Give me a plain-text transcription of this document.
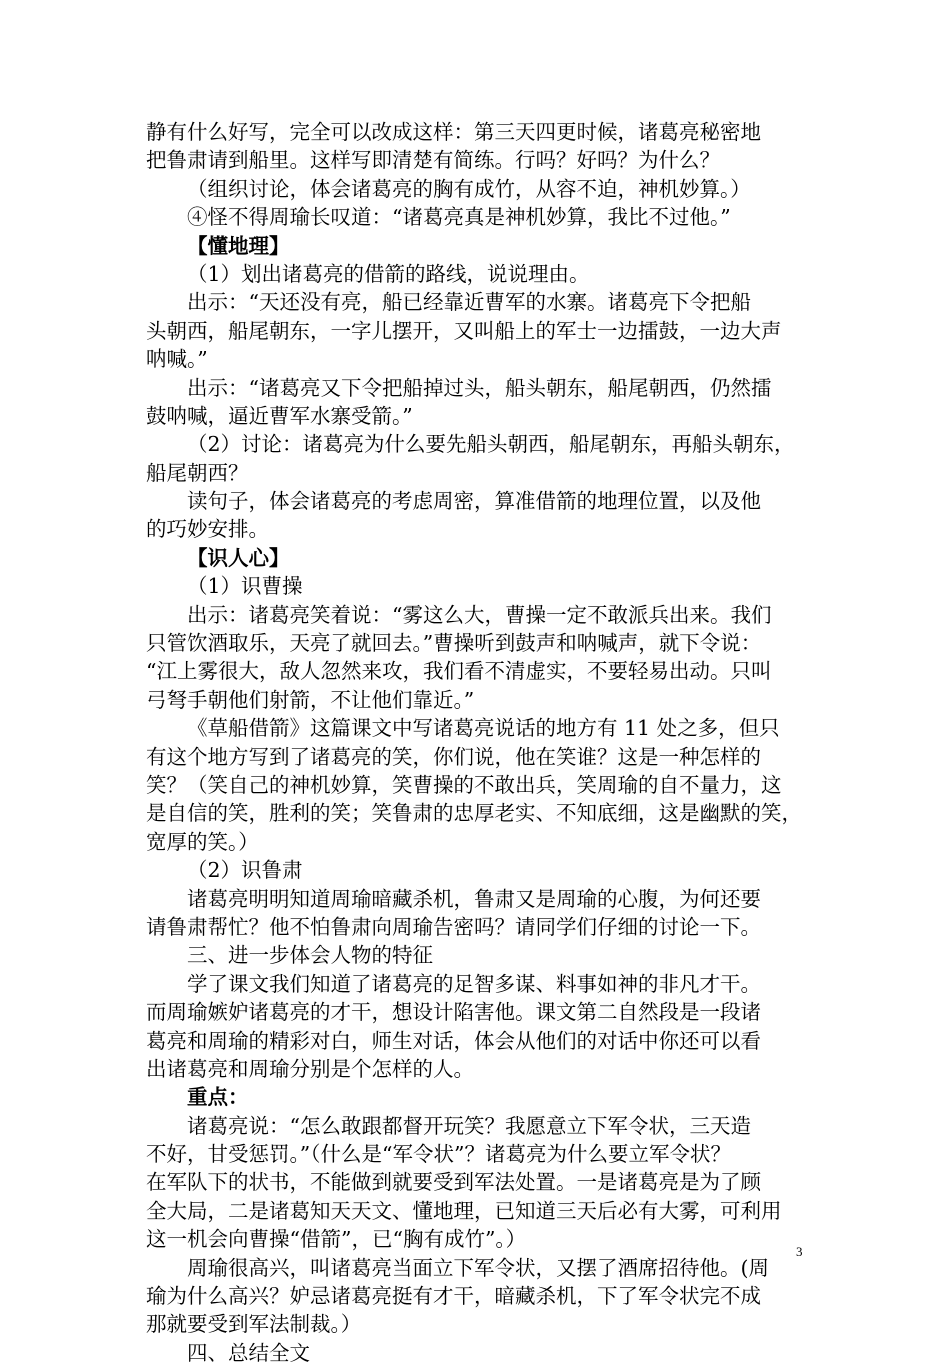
静有什么好写，完全可以改成这样：第三天四更时候，诸葛亮秘密地
把鲁肃请到船里。这样写即清楚有简练。行吗？好吗？为什么？
（组织讨论，体会诸葛亮的胸有成竹，从容不迫，神机妙算。）
④怪不得周瑜长叹道：“诸葛亮真是神机妙算，我比不过他。”
【懂地理】
（1）划出诸葛亮的借箭的路线，说说理由。
出示：“天还没有亮，船已经靠近曹军的水寨。诸葛亮下令把船
头朝西，船尾朝东，一字儿摆开，又叫船上的军士一边擂鼓，一边大声
呐喊。”
出示：“诸葛亮又下令把船掉过头，船头朝东，船尾朝西，仍然擂
鼓呐喊，逼近曹军水寨受箭。”
（2）讨论：诸葛亮为什么要先船头朝西，船尾朝东，再船头朝东，
船尾朝西？
读句子，体会诸葛亮的考虑周密，算准借箭的地理位置，以及他
的巧妙安排。
【识人心】
（1）识曹操
出示：诸葛亮笑着说：“雾这么大，曹操一定不敢派兵出来。我们
只管饮酒取乐，天亮了就回去。”曹操听到鼓声和呐喊声，就下令说：
“江上雾很大，敌人忽然来攻，我们看不清虚实，不要轻易出动。只叫
弓弩手朝他们射箭，不让他们靠近。”
《草船借箭》这篇课文中写诸葛亮说话的地方有 11 处之多，但只
有这个地方写到了诸葛亮的笑，你们说，他在笑谁？这是一种怎样的
笑？（笑自己的神机妙算，笑曹操的不敢出兵，笑周瑜的自不量力，这
是自信的笑，胜利的笑；笑鲁肃的忠厚老实、不知底细，这是幽默的笑，
宽厚的笑。）
（2）识鲁肃
诸葛亮明明知道周瑜暗藏杀机，鲁肃又是周瑜的心腹，为何还要
请鲁肃帮忙？他不怕鲁肃向周瑜告密吗？请同学们仔细的讨论一下。
三、进一步体会人物的特征
学了课文我们知道了诸葛亮的足智多谋、料事如神的非凡才干。
而周瑜嫉妒诸葛亮的才干，想设计陷害他。课文第二自然段是一段诸
葛亮和周瑜的精彩对白，师生对话，体会从他们的对话中你还可以看
出诸葛亮和周瑜分别是个怎样的人。
重点：
诸葛亮说：“怎么敢跟都督开玩笑？我愿意立下军令状，三天造
不好，甘受惩罚。”（什么是“军令状”？诸葛亮为什么要立军令状？
在军队下的状书，不能做到就要受到军法处置。一是诸葛亮是为了顾
全大局，二是诸葛知天天文、懂地理，已知道三天后必有大雾，可利用
这一机会向曹操“借箭”，已“胸有成竹”。）
周瑜很高兴，叫诸葛亮当面立下军令状，又摆了酒席招待他。(周
瑜为什么高兴？妒忌诸葛亮挺有才干，暗藏杀机，下了军令状完不成
那就要受到军法制裁。）
四、总结全文
3
